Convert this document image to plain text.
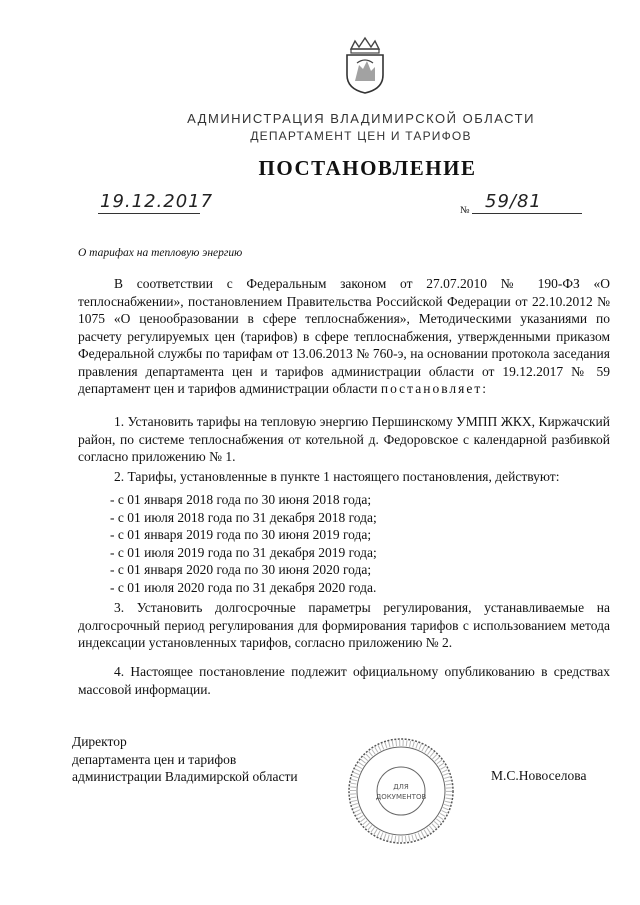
АДМИНИСТРАЦИЯ ВЛАДИМИРСКОЙ ОБЛАСТИ
ДЕПАРТАМЕНТ ЦЕН И ТАРИФОВ
ПОСТАНОВЛЕНИЕ
19.12.2017	№ 59/81
О тарифах на тепловую энергию
В соответствии с Федеральным законом от 27.07.2010 № 190-ФЗ «О теплоснабжении», постановлением Правительства Российской Федерации от 22.10.2012 № 1075 «О ценообразовании в сфере теплоснабжения», Методическими указаниями по расчету регулируемых цен (тарифов) в сфере теплоснабжения, утвержденными приказом Федеральной службы по тарифам от 13.06.2013 № 760-э, на основании протокола заседания правления департамента цен и тарифов администрации области от 19.12.2017 № 59 департамент цен и тарифов администрации области постановляет:
1. Установить тарифы на тепловую энергию Першинскому УМПП ЖКХ, Киржачский район, по системе теплоснабжения от котельной д. Федоровское с календарной разбивкой согласно приложению № 1.
2. Тарифы, установленные в пункте 1 настоящего постановления, действуют:
- с 01 января 2018 года по 30 июня 2018 года;
- с 01 июля 2018 года по 31 декабря 2018 года;
- с 01 января 2019 года по 30 июня 2019 года;
- с 01 июля 2019 года по 31 декабря 2019 года;
- с 01 января 2020 года по 30 июня 2020 года;
- с 01 июля 2020 года по 31 декабря 2020 года.
3. Установить долгосрочные параметры регулирования, устанавливаемые на долгосрочный период регулирования для формирования тарифов с использованием метода индексации установленных тарифов, согласно приложению № 2.
4. Настоящее постановление подлежит официальному опубликованию в средствах массовой информации.
Директор
департамента цен и тарифов
администрации Владимирской области
ДЛЯ
ДОКУМЕНТОВ
М.С.Новоселова
